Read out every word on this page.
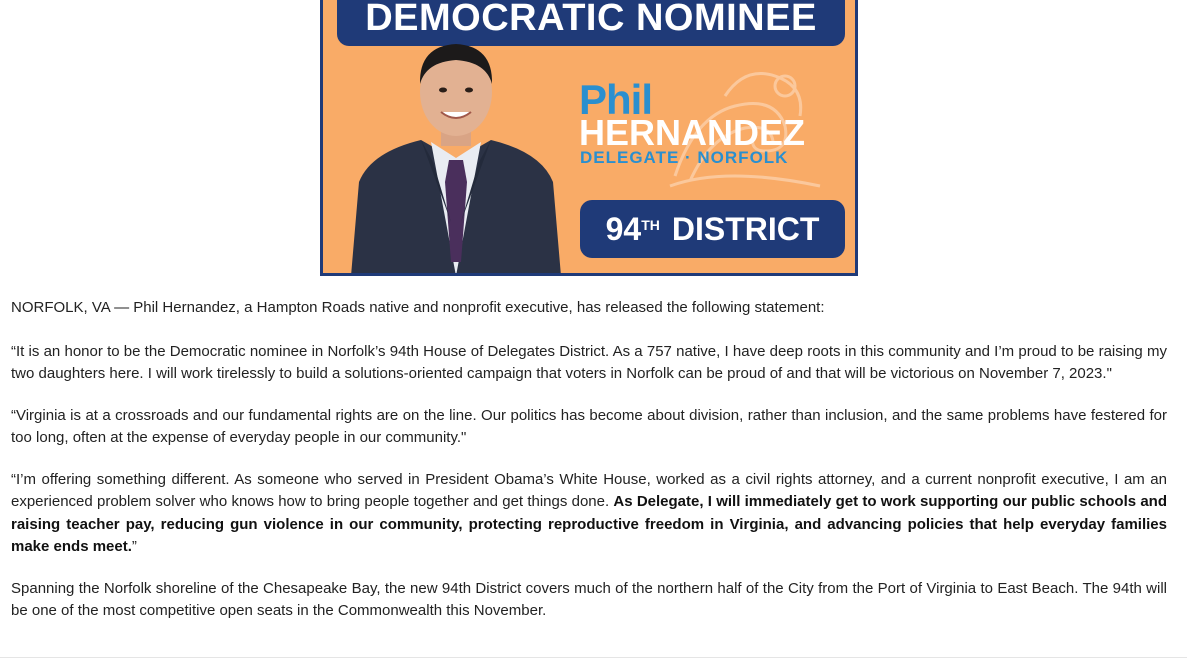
DEMOCRATIC NOMINEE
Phil
HERNANDEZ
DELEGATE · NORFOLK
94TH DISTRICT

NORFOLK, VA — Phil Hernandez, a Hampton Roads native and nonprofit executive, has released the following statement:

“It is an honor to be the Democratic nominee in Norfolk’s 94th House of Delegates District. As a 757 native, I have deep roots in this community and I’m proud to be raising my two daughters here. I will work tirelessly to build a solutions-oriented campaign that voters in Norfolk can be proud of and that will be victorious on November 7, 2023."

“Virginia is at a crossroads and our fundamental rights are on the line. Our politics has become about division, rather than inclusion, and the same problems have festered for too long, often at the expense of everyday people in our community."

“I’m offering something different. As someone who served in President Obama’s White House, worked as a civil rights attorney, and a current nonprofit executive, I am an experienced problem solver who knows how to bring people together and get things done. As Delegate, I will immediately get to work supporting our public schools and raising teacher pay, reducing gun violence in our community, protecting reproductive freedom in Virginia, and advancing policies that help everyday families make ends meet.”

Spanning the Norfolk shoreline of the Chesapeake Bay, the new 94th District covers much of the northern half of the City from the Port of Virginia to East Beach. The 94th will be one of the most competitive open seats in the Commonwealth this November.
